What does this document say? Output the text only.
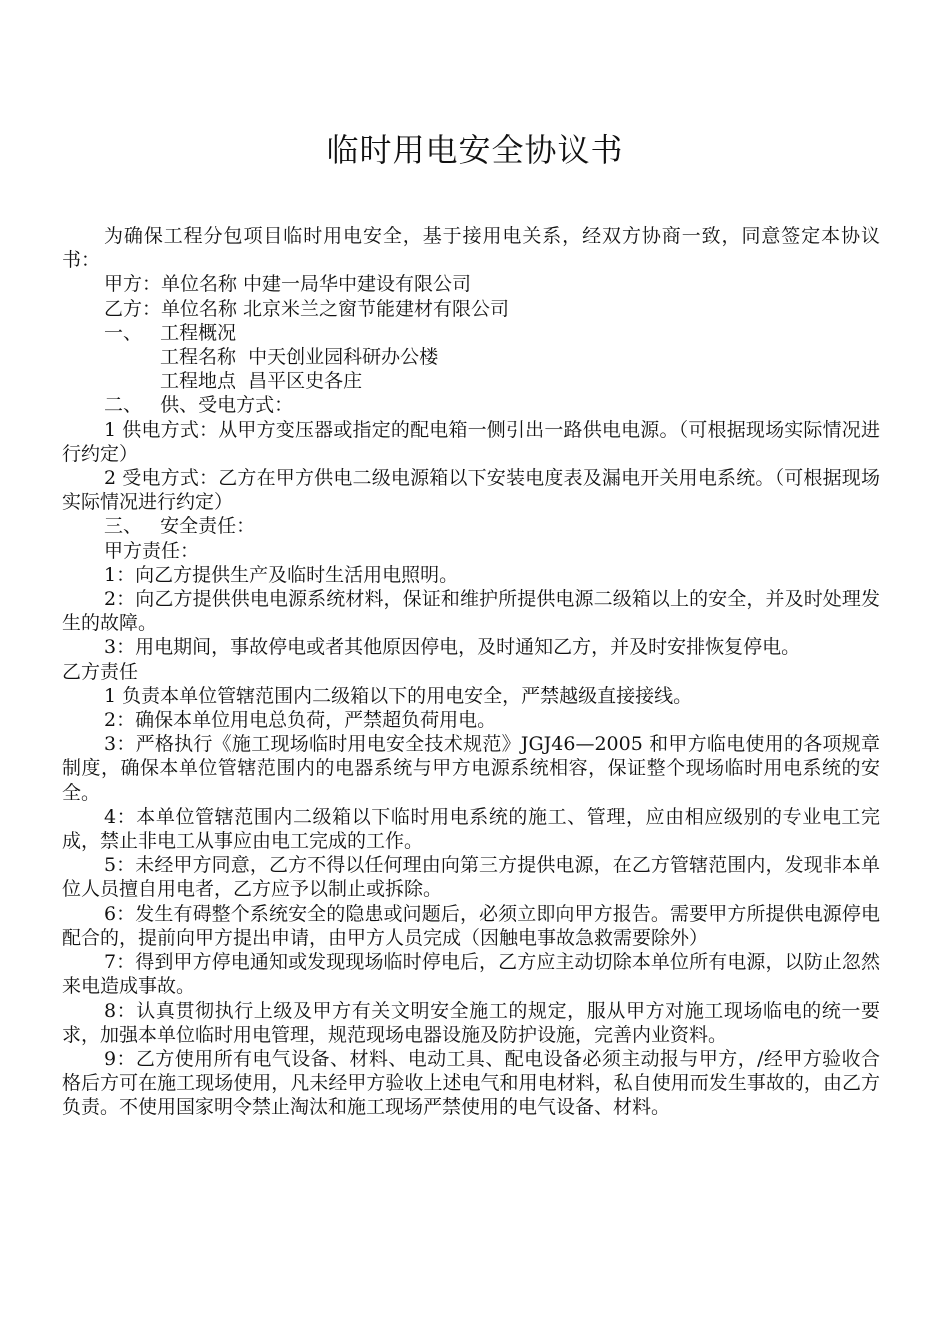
临时用电安全协议书

为确保工程分包项目临时用电安全，基于接用电关系，经双方协商一致，同意签定本协议书：

甲方：单位名称 中建一局华中建设有限公司

乙方：单位名称 北京米兰之窗节能建材有限公司

一、   工程概况

工程名称  中天创业园科研办公楼

工程地点  昌平区史各庄

二、   供、受电方式：

1 供电方式：从甲方变压器或指定的配电箱一侧引出一路供电电源。（可根据现场实际情况进行约定）

2 受电方式：乙方在甲方供电二级电源箱以下安装电度表及漏电开关用电系统。（可根据现场实际情况进行约定）

三、   安全责任：

甲方责任：

1：向乙方提供生产及临时生活用电照明。

2：向乙方提供供电电源系统材料，保证和维护所提供电源二级箱以上的安全，并及时处理发生的故障。

3：用电期间，事故停电或者其他原因停电，及时通知乙方，并及时安排恢复停电。

乙方责任

1 负责本单位管辖范围内二级箱以下的用电安全，严禁越级直接接线。

2：确保本单位用电总负荷，严禁超负荷用电。

3：严格执行《施工现场临时用电安全技术规范》JGJ46—2005 和甲方临电使用的各项规章制度，确保本单位管辖范围内的电器系统与甲方电源系统相容，保证整个现场临时用电系统的安全。

4：本单位管辖范围内二级箱以下临时用电系统的施工、管理，应由相应级别的专业电工完成，禁止非电工从事应由电工完成的工作。

5：未经甲方同意，乙方不得以任何理由向第三方提供电源，在乙方管辖范围内，发现非本单位人员擅自用电者，乙方应予以制止或拆除。

6：发生有碍整个系统安全的隐患或问题后，必须立即向甲方报告。需要甲方所提供电源停电配合的，提前向甲方提出申请，由甲方人员完成（因触电事故急救需要除外）

7：得到甲方停电通知或发现现场临时停电后，乙方应主动切除本单位所有电源，以防止忽然来电造成事故。

8：认真贯彻执行上级及甲方有关文明安全施工的规定，服从甲方对施工现场临电的统一要求，加强本单位临时用电管理，规范现场电器设施及防护设施，完善内业资料。

9：乙方使用所有电气设备、材料、电动工具、配电设备必须主动报与甲方，/经甲方验收合格后方可在施工现场使用，凡未经甲方验收上述电气和用电材料，私自使用而发生事故的，由乙方负责。不使用国家明令禁止淘汰和施工现场严禁使用的电气设备、材料。
